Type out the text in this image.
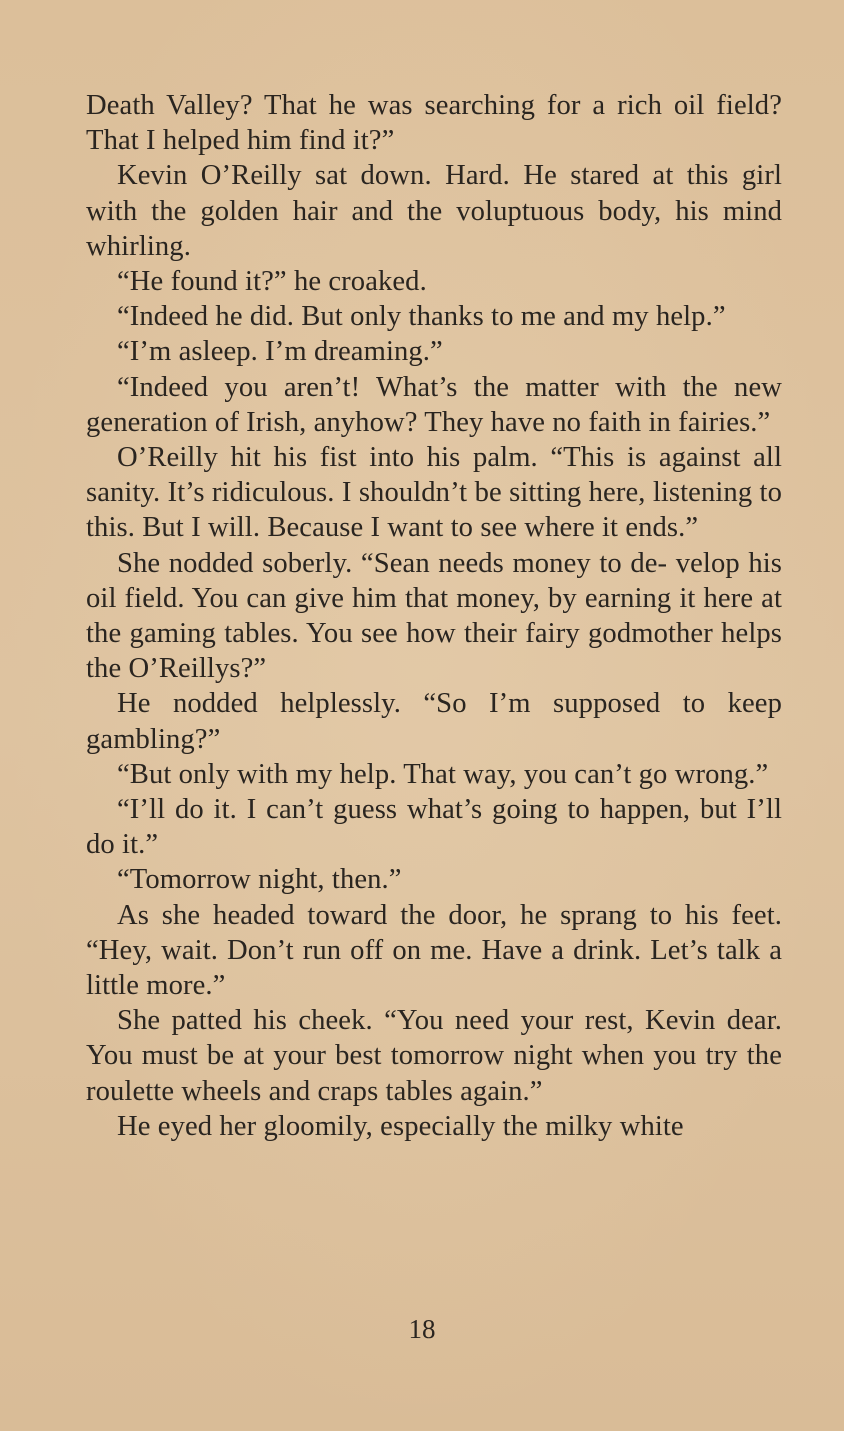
Death Valley? That he was searching for a rich oil field? That I helped him find it?”

Kevin O’Reilly sat down. Hard. He stared at this girl with the golden hair and the voluptuous body, his mind whirling.

“He found it?” he croaked.

“Indeed he did. But only thanks to me and my help.”

“I’m asleep. I’m dreaming.”

“Indeed you aren’t! What’s the matter with the new generation of Irish, anyhow? They have no faith in fairies.”

O’Reilly hit his fist into his palm. “This is against all sanity. It’s ridiculous. I shouldn’t be sitting here, listening to this. But I will. Because I want to see where it ends.”

She nodded soberly. “Sean needs money to de- velop his oil field. You can give him that money, by earning it here at the gaming tables. You see how their fairy godmother helps the O’Reillys?”

He nodded helplessly. “So I’m supposed to keep gambling?”

“But only with my help. That way, you can’t go wrong.”

“I’ll do it. I can’t guess what’s going to happen, but I’ll do it.”

“Tomorrow night, then.”

As she headed toward the door, he sprang to his feet. “Hey, wait. Don’t run off on me. Have a drink. Let’s talk a little more.”

She patted his cheek. “You need your rest, Kevin dear. You must be at your best tomorrow night when you try the roulette wheels and craps tables again.”

He eyed her gloomily, especially the milky white

18
